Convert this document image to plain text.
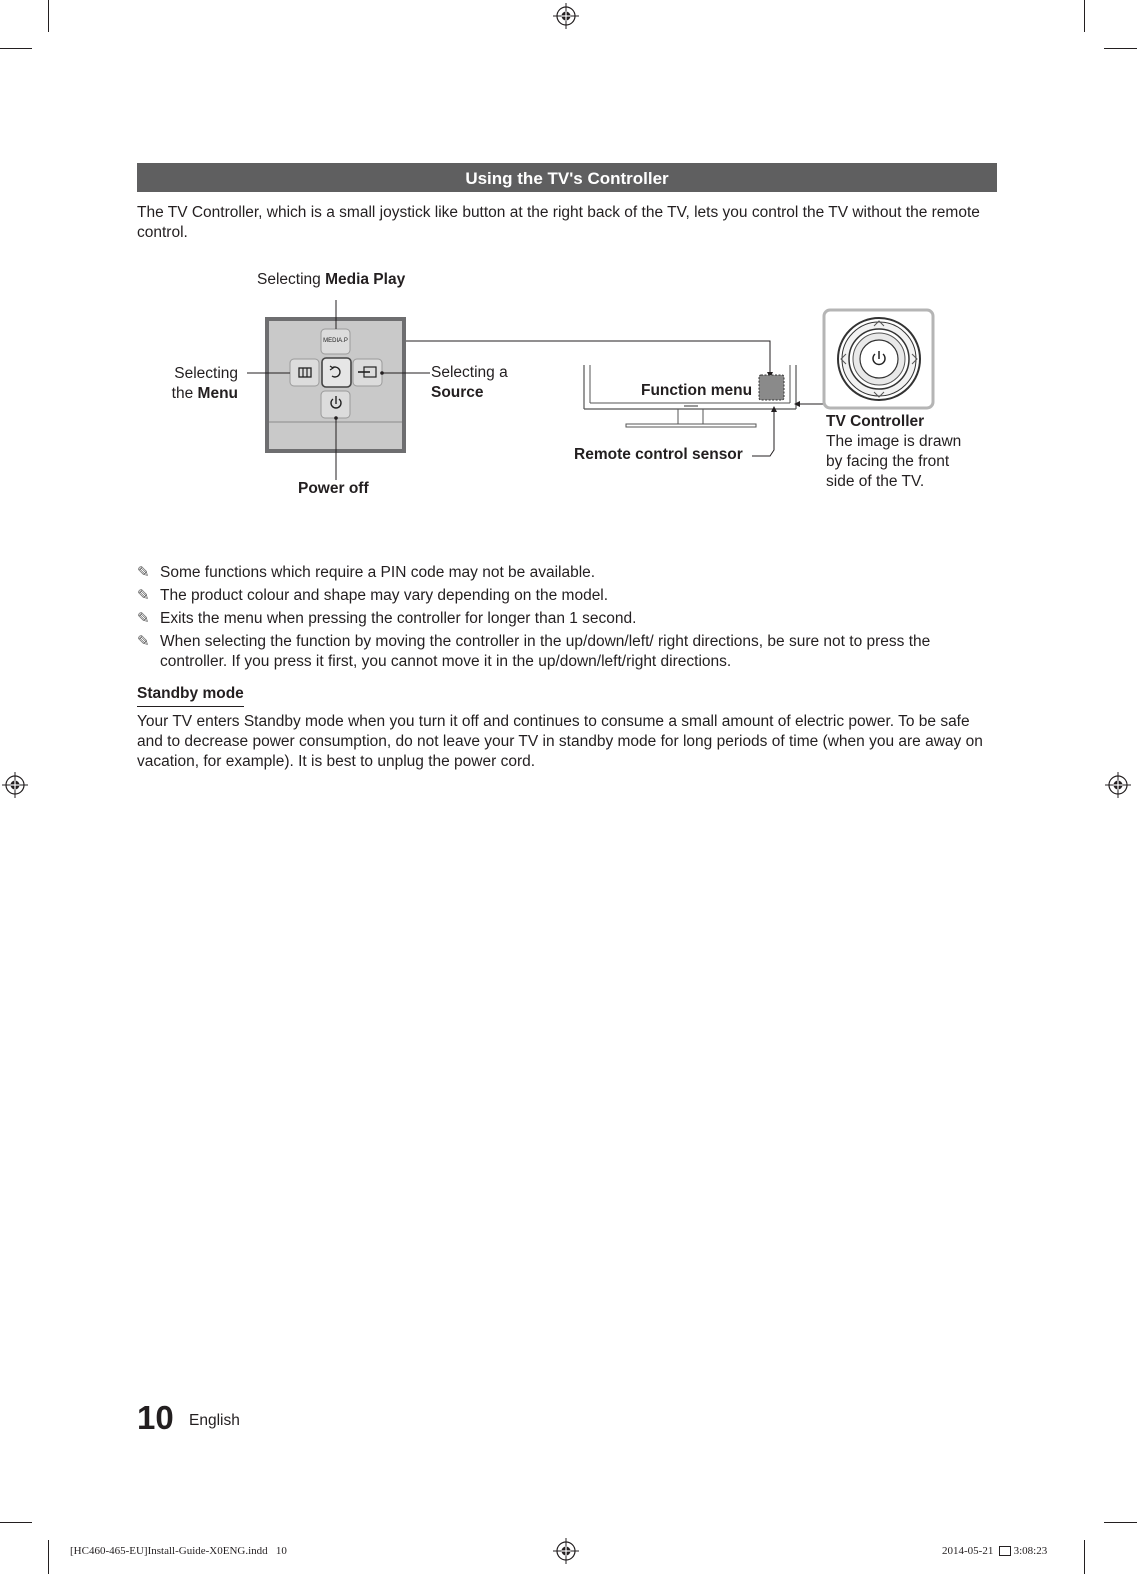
Using the TV's Controller
The TV Controller, which is a small joystick like button at the right back of the TV, lets you control the TV without the remote control.
MEDIA.P
Selecting Media Play
Selecting
the Menu
Selecting a
Source
Power off
Function menu
Remote control sensor
TV Controller
The image is drawn
by facing the front
side of the TV.
✎ Some functions which require a PIN code may not be available.
✎ The product colour and shape may vary depending on the model.
✎ Exits the menu when pressing the controller for longer than 1 second.
✎ When selecting the function by moving the controller in the up/down/left/ right directions, be sure not to press the controller. If you press it first, you cannot move it in the up/down/left/right directions.
Standby mode
Your TV enters Standby mode when you turn it off and continues to consume a small amount of electric power. To be safe and to decrease power consumption, do not leave your TV in standby mode for long periods of time (when you are away on vacation, for example). It is best to unplug the power cord.
10 English
[HC460-465-EU]Install-Guide-X0ENG.indd   10	2014-05-21 3:08:23
